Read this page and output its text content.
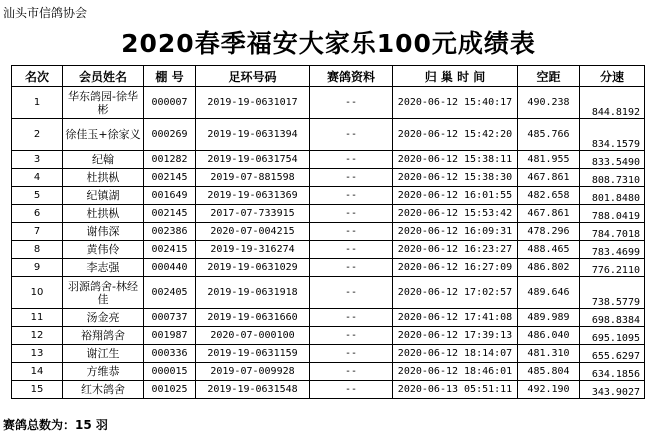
汕头市信鸽协会
2020春季福安大家乐100元成绩表
名次	会员姓名	棚 号	足环号码	赛鸽资料	归 巢 时 间	空距	分速
1	华东鸽园-徐华彬	000007	2019-19-0631017	--	2020-06-12 15:40:17	490.238	844.8192
2	徐佳玉+徐家义	000269	2019-19-0631394	--	2020-06-12 15:42:20	485.766	834.1579
3	纪翰	001282	2019-19-0631754	--	2020-06-12 15:38:11	481.955	833.5490
4	杜拱枞	002145	2019-07-881598	--	2020-06-12 15:38:30	467.861	808.7310
5	纪镇湖	001649	2019-19-0631369	--	2020-06-12 16:01:55	482.658	801.8480
6	杜拱枞	002145	2017-07-733915	--	2020-06-12 15:53:42	467.861	788.0419
7	谢伟深	002386	2020-07-004215	--	2020-06-12 16:09:31	478.296	784.7018
8	黄伟伶	002415	2019-19-316274	--	2020-06-12 16:23:27	488.465	783.4699
9	李志强	000440	2019-19-0631029	--	2020-06-12 16:27:09	486.802	776.2110
10	羽源鸽舍-林经佳	002405	2019-19-0631918	--	2020-06-12 17:02:57	489.646	738.5779
11	汤金亮	000737	2019-19-0631660	--	2020-06-12 17:41:08	489.989	698.8384
12	裕翔鸽舍	001987	2020-07-000100	--	2020-06-12 17:39:13	486.040	695.1095
13	谢江生	000336	2019-19-0631159	--	2020-06-12 18:14:07	481.310	655.6297
14	方维恭	000015	2019-07-009928	--	2020-06-12 18:46:01	485.804	634.1856
15	红木鸽舍	001025	2019-19-0631548	--	2020-06-13 05:51:11	492.190	343.9027
赛鸽总数为：15 羽
